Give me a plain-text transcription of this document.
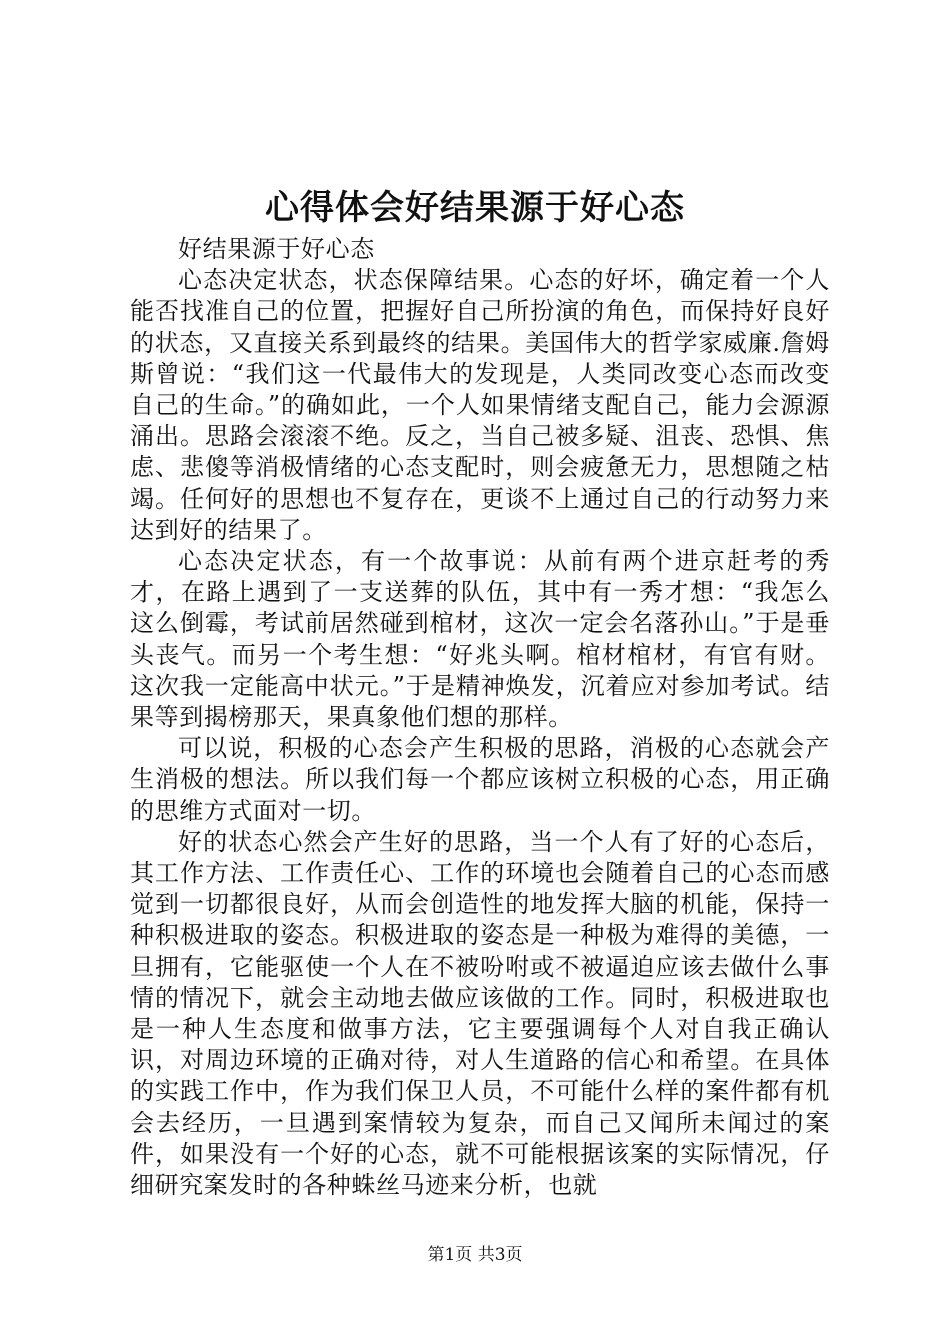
心得体会好结果源于好心态

好结果源于好心态

心态决定状态，状态保障结果。心态的好坏，确定着一个人能否找准自己的位置，把握好自己所扮演的角色，而保持好良好的状态，又直接关系到最终的结果。美国伟大的哲学家威廉.詹姆斯曾说：“我们这一代最伟大的发现是，人类同改变心态而改变自己的生命。”的确如此，一个人如果情绪支配自己，能力会源源涌出。思路会滚滚不绝。反之，当自己被多疑、沮丧、恐惧、焦虑、悲傻等消极情绪的心态支配时，则会疲惫无力，思想随之枯竭。任何好的思想也不复存在，更谈不上通过自己的行动努力来达到好的结果了。

心态决定状态，有一个故事说：从前有两个进京赶考的秀才，在路上遇到了一支送葬的队伍，其中有一秀才想：“我怎么这么倒霉，考试前居然碰到棺材，这次一定会名落孙山。”于是垂头丧气。而另一个考生想：“好兆头啊。棺材棺材，有官有财。这次我一定能高中状元。”于是精神焕发，沉着应对参加考试。结果等到揭榜那天，果真象他们想的那样。

可以说，积极的心态会产生积极的思路，消极的心态就会产生消极的想法。所以我们每一个都应该树立积极的心态，用正确的思维方式面对一切。

好的状态心然会产生好的思路，当一个人有了好的心态后，其工作方法、工作责任心、工作的环境也会随着自己的心态而感觉到一切都很良好，从而会创造性的地发挥大脑的机能，保持一种积极进取的姿态。积极进取的姿态是一种极为难得的美德，一旦拥有，它能驱使一个人在不被吩咐或不被逼迫应该去做什么事情的情况下，就会主动地去做应该做的工作。同时，积极进取也是一种人生态度和做事方法，它主要强调每个人对自我正确认识，对周边环境的正确对待，对人生道路的信心和希望。在具体的实践工作中，作为我们保卫人员，不可能什么样的案件都有机会去经历，一旦遇到案情较为复杂，而自己又闻所未闻过的案件，如果没有一个好的心态，就不可能根据该案的实际情况，仔细研究案发时的各种蛛丝马迹来分析，也就

第1页 共3页
